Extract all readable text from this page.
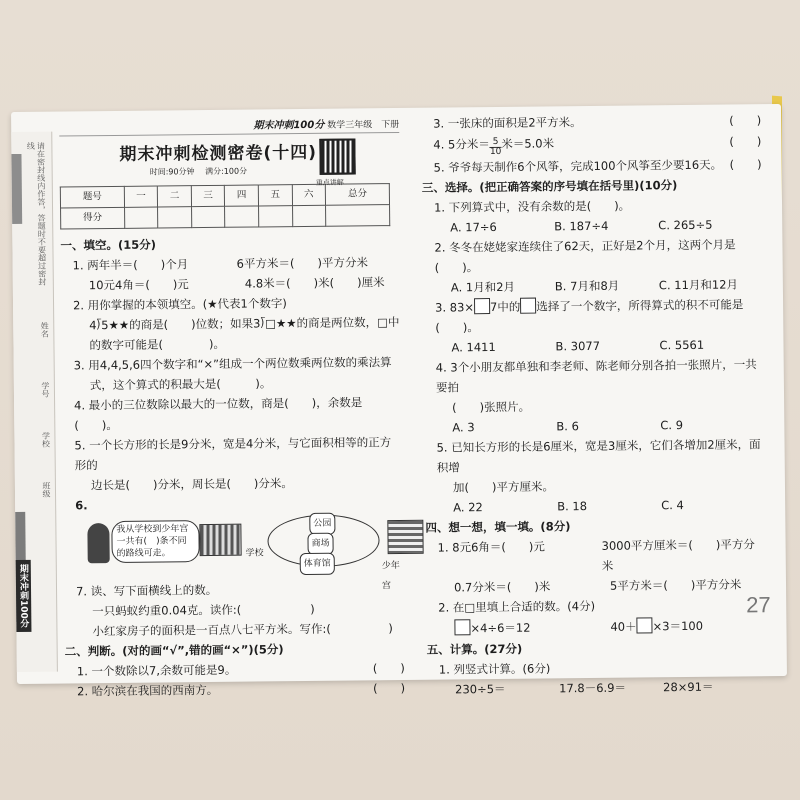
请在密封线内作答，答题时不要超过密封线
姓名
学号
学校
班级
期末冲刺100分
期末冲刺100分 数学三年级　下册
期末冲刺检测密卷(十四)
时间:90分钟　 满分:100分
重点讲解
题号	一	二	三	四	五	六	总分
得分							
一、填空。(15分)
1. 两年半＝(　　)个月	6平方米＝(　　)平方分米
10元4角＝(　　)元	4.8米＝(　　)米(　　)厘米
2. 用你掌握的本领填空。(★代表1个数字)
4⟌5★★的商是(　　)位数；如果3⟌□★★的商是两位数，□中
的数字可能是(　　　　)。
3. 用4,4,5,6四个数字和“×”组成一个两位数乘两位数的乘法算
式，这个算式的积最大是(　　　)。
4. 最小的三位数除以最大的一位数，商是(　　)，余数是(　　)。
5. 一个长方形的长是9分米，宽是4分米，与它面积相等的正方形的
边长是(　　)分米，周长是(　　)分米。
6.
我从学校到少年宫一共有(　)条不同的路线可走。	学校
公园
商场
体育馆	少年宫
7. 读、写下面横线上的数。
一只蚂蚁约重0.04克。读作:(　　　　　　)
小红家房子的面积是一百点八七平方米。写作:(　　　　　)
二、判断。(对的画“√”,错的画“×”)(5分)
1. 一个数除以7,余数可能是9。	(　　)
2. 哈尔滨在我国的西南方。	(　　)
3. 一张床的面积是2平方米。	(　　)
4. 5分米＝ $\frac{5}{10}$ 米＝5.0米	(　　)
5. 爷爷每天制作6个风筝，完成100个风筝至少要16天。 (　　)
三、选择。(把正确答案的序号填在括号里)(10分)
1. 下列算式中，没有余数的是(　　)。
A. 17÷6	B. 187÷4	C. 265÷5
2. 冬冬在姥姥家连续住了62天，正好是2个月，这两个月是(　　)。
A. 1月和2月	B. 7月和8月	C. 11月和12月
3. 83× 7中的 选择了一个数字，所得算式的积不可能是(　　)。
A. 1411	B. 3077	C. 5561
4. 3个小朋友都单独和李老师、陈老师分别各拍一张照片，一共要拍
(　　)张照片。
A. 3	B. 6	C. 9
5. 已知长方形的长是6厘米，宽是3厘米，它们各增加2厘米，面积增
加(　　)平方厘米。
A. 22	B. 18	C. 4
四、想一想，填一填。(8分)
1. 8元6角＝(　　)元	3000平方厘米＝(　　)平方分米
0.7分米＝(　　)米	5平方米＝(　　)平方分米
2. 在□里填上合适的数。(4分)
×4÷6＝12	40＋ ×3＝100
五、计算。(27分)
1. 列竖式计算。(6分)
230÷5＝	17.8－6.9＝	28×91＝
27
